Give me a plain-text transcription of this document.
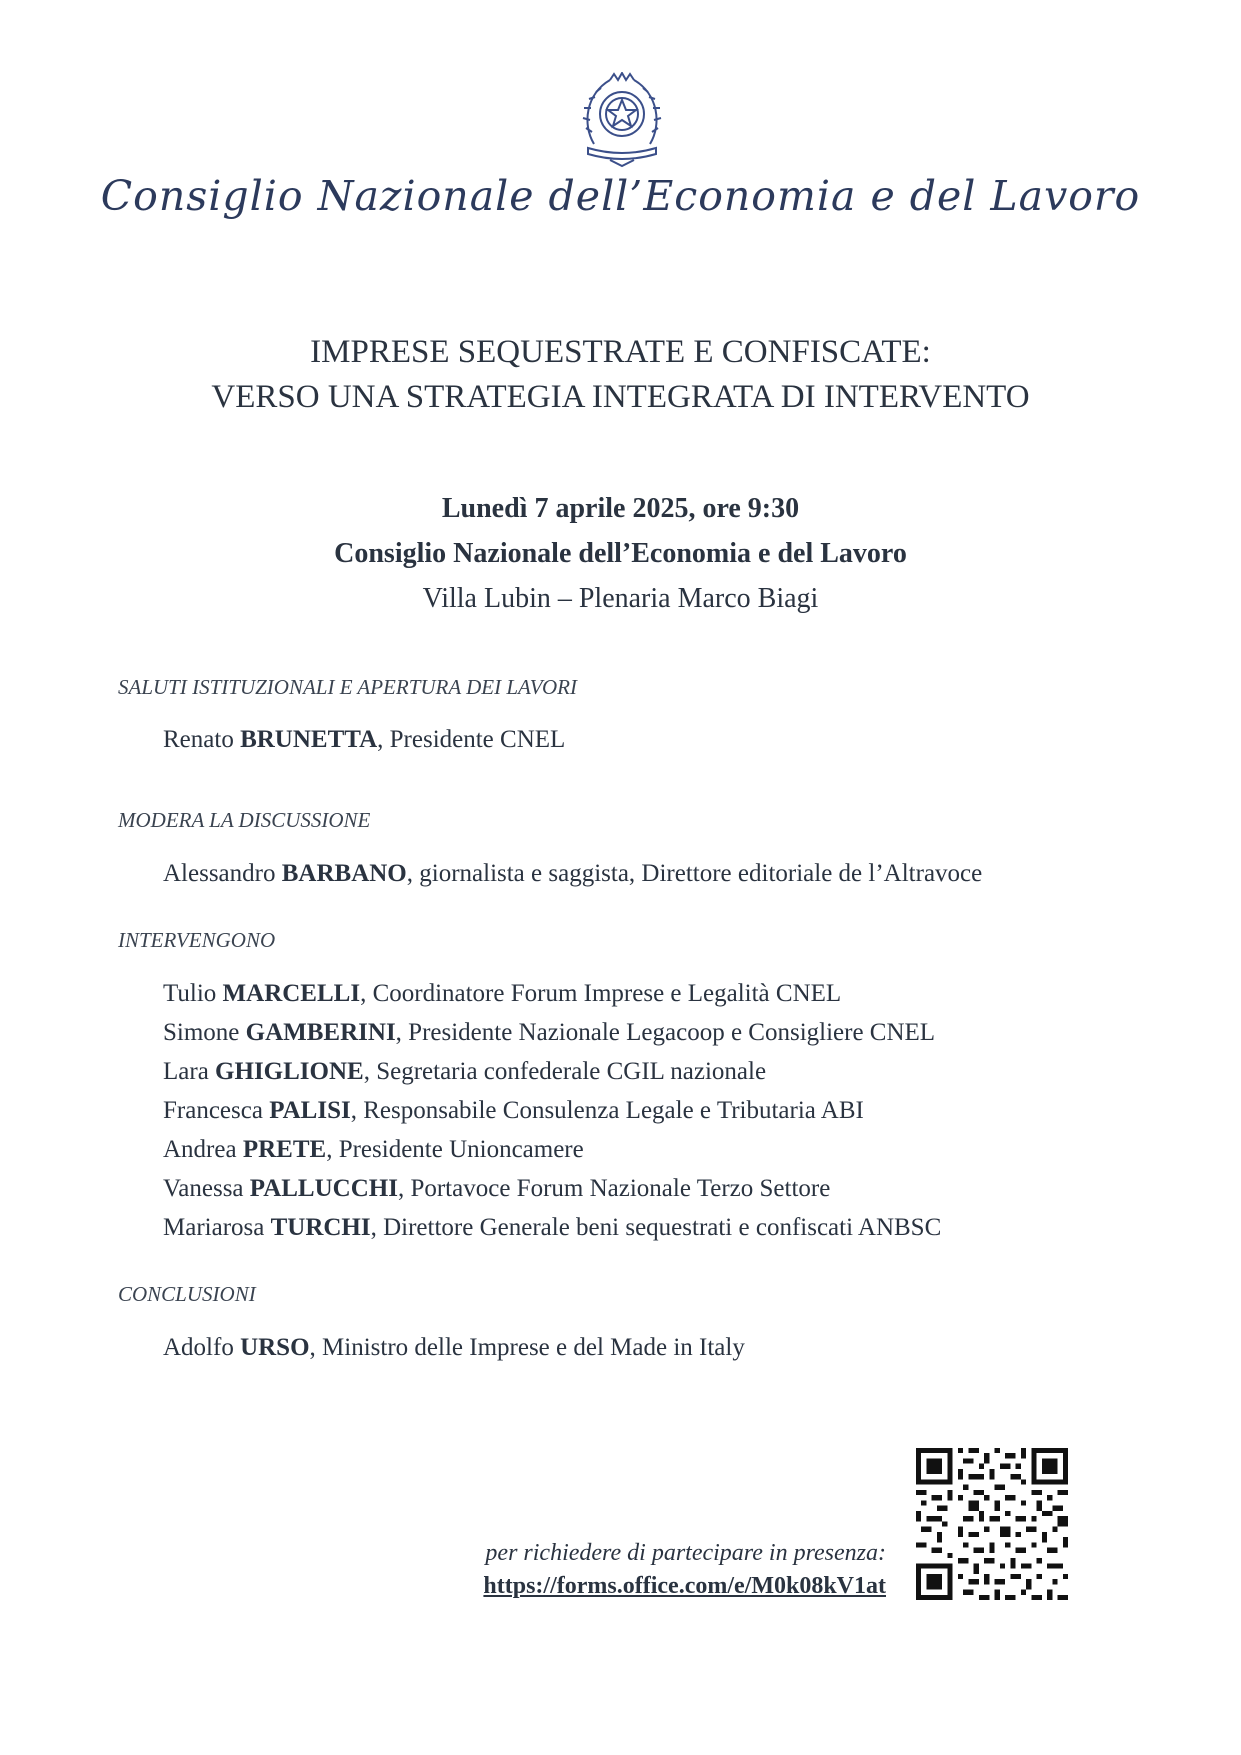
Consiglio Nazionale dell’Economia e del Lavoro
IMPRESE SEQUESTRATE E CONFISCATE:
VERSO UNA STRATEGIA INTEGRATA DI INTERVENTO
Lunedì 7 aprile 2025, ore 9:30
Consiglio Nazionale dell’Economia e del Lavoro
Villa Lubin – Plenaria Marco Biagi
SALUTI ISTITUZIONALI E APERTURA DEI LAVORI
Renato BRUNETTA, Presidente CNEL
MODERA LA DISCUSSIONE
Alessandro BARBANO, giornalista e saggista, Direttore editoriale de l’Altravoce
INTERVENGONO
Tulio MARCELLI, Coordinatore Forum Imprese e Legalità CNEL
Simone GAMBERINI, Presidente Nazionale Legacoop e Consigliere CNEL
Lara GHIGLIONE, Segretaria confederale CGIL nazionale
Francesca PALISI, Responsabile Consulenza Legale e Tributaria ABI
Andrea PRETE, Presidente Unioncamere
Vanessa PALLUCCHI, Portavoce Forum Nazionale Terzo Settore
Mariarosa TURCHI, Direttore Generale beni sequestrati e confiscati ANBSC
CONCLUSIONI
Adolfo URSO, Ministro delle Imprese e del Made in Italy
per richiedere di partecipare in presenza:
https://forms.office.com/e/M0k08kV1at
